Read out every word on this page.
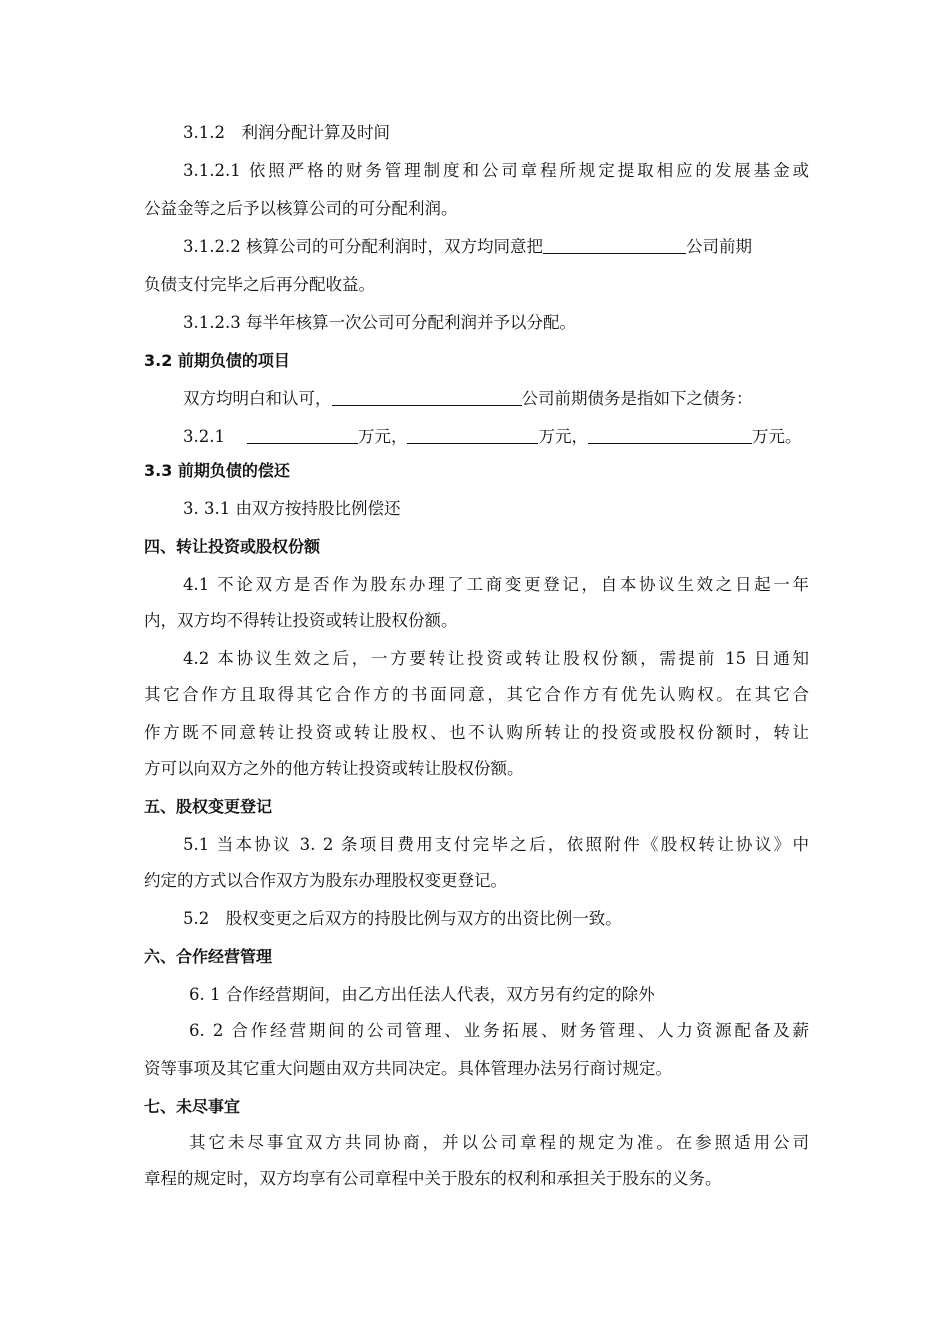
3.1.2　利润分配计算及时间
3.1.2.1 依照严格的财务管理制度和公司章程所规定提取相应的发展基金或
公益金等之后予以核算公司的可分配利润。
3.1.2.2 核算公司的可分配利润时，双方均同意把	公司前期
负债支付完毕之后再分配收益。
3.1.2.3 每半年核算一次公司可分配利润并予以分配。
3.2 前期负债的项目
双方均明白和认可，	公司前期债务是指如下之债务：
3.2.1	万元，	万元，	万元。
3.3 前期负债的偿还
3. 3.1 由双方按持股比例偿还
四、转让投资或股权份额
4.1 不论双方是否作为股东办理了工商变更登记，自本协议生效之日起一年
内，双方均不得转让投资或转让股权份额。
4.2 本协议生效之后，一方要转让投资或转让股权份额，需提前 15 日通知
其它合作方且取得其它合作方的书面同意，其它合作方有优先认购权。在其它合
作方既不同意转让投资或转让股权、也不认购所转让的投资或股权份额时，转让
方可以向双方之外的他方转让投资或转让股权份额。
五、股权变更登记
5.1 当本协议 3. 2 条项目费用支付完毕之后，依照附件《股权转让协议》中
约定的方式以合作双方为股东办理股权变更登记。
5.2　股权变更之后双方的持股比例与双方的出资比例一致。
六、合作经营管理
6. 1 合作经营期间，由乙方出任法人代表，双方另有约定的除外
6. 2 合作经营期间的公司管理、业务拓展、财务管理、人力资源配备及薪
资等事项及其它重大问题由双方共同决定。具体管理办法另行商讨规定。
七、未尽事宜
其它未尽事宜双方共同协商，并以公司章程的规定为准。在参照适用公司
章程的规定时，双方均享有公司章程中关于股东的权利和承担关于股东的义务。
